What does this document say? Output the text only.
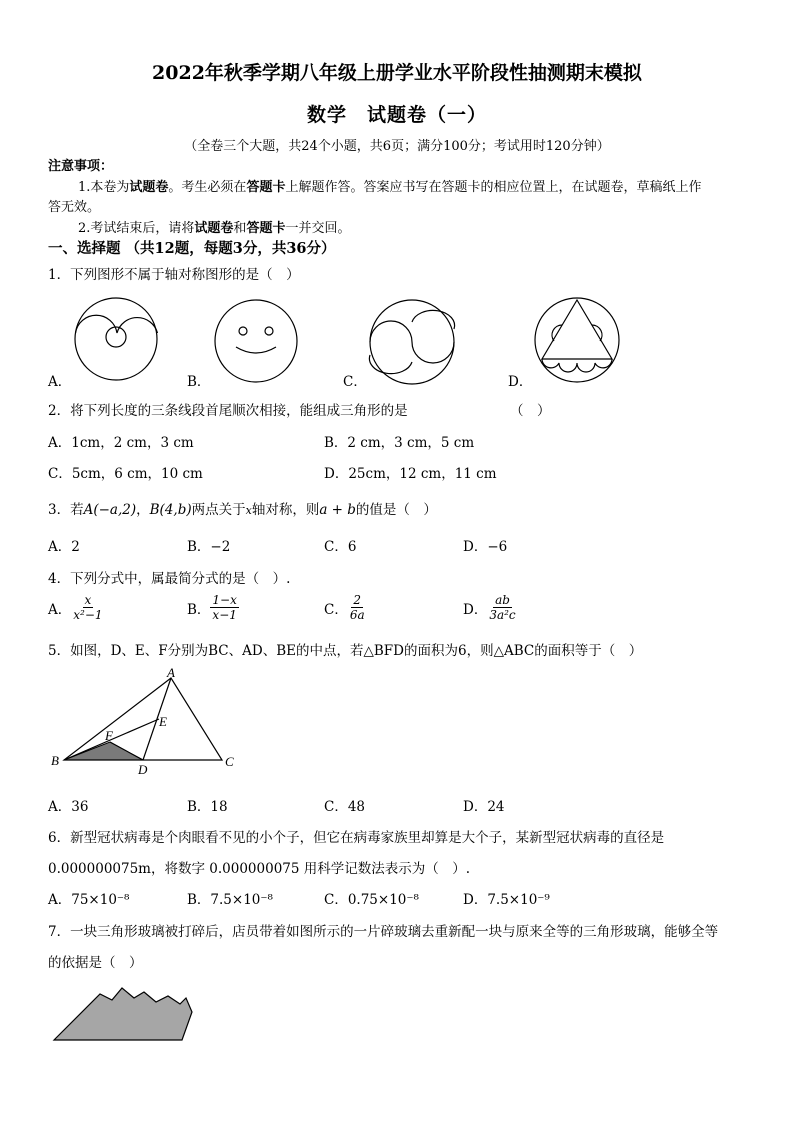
2022年秋季学期八年级上册学业水平阶段性抽测期末模拟
数学　试题卷（一）
（全卷三个大题，共24个小题，共6页；满分100分；考试用时120分钟）
注意事项：
1.本卷为试题卷。考生必须在答题卡上解题作答。答案应书写在答题卡的相应位置上，在试题卷，草稿纸上作
答无效。
2.考试结束后，请将试题卷和答题卡一并交回。
一、选择题 （共12题，每题3分，共36分）
1．下列图形不属于轴对称图形的是（　）
A．	B．	C．	D．
2．将下列长度的三条线段首尾顺次相接，能组成三角形的是	（　）
A．1cm，2 cm，3 cm	B．2 cm，3 cm，5 cm
C．5cm，6 cm，10 cm	D．25cm，12 cm，11 cm
3．若A(−a,2)，B(4,b)两点关于x轴对称，则a + b的值是（　）
A．2	B．−2	C．6	D．−6
4．下列分式中，属最简分式的是（　）.
A． $\frac{x}{\text{x²−1}}$	B． $\frac{1-x}{x-1}$	C． $\frac{2}{6a}$	D． $\frac{ab}{\text{3a²c}}$
5．如图，D、E、F分别为BC、AD、BE的中点，若△BFD的面积为6，则△ABC的面积等于（　）
A
B	C
D
E
F
A．36	B．18	C．48	D．24
6．新型冠状病毒是个肉眼看不见的小个子，但它在病毒家族里却算是大个子，某新型冠状病毒的直径是
0.000000075m，将数字 0.000000075 用科学记数法表示为（　）.
A．75×10⁻⁸	B．7.5×10⁻⁸	C．0.75×10⁻⁸	D．7.5×10⁻⁹
7．一块三角形玻璃被打碎后，店员带着如图所示的一片碎玻璃去重新配一块与原来全等的三角形玻璃，能够全等
的依据是（　）
